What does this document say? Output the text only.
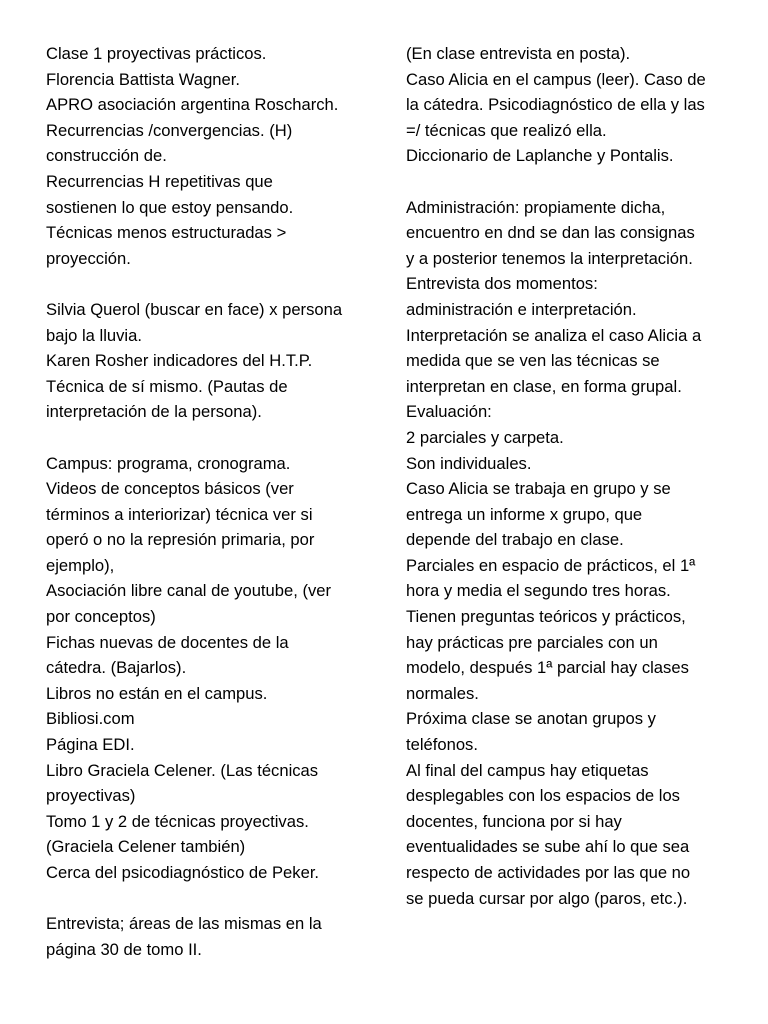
Clase 1 proyectivas prácticos.
Florencia Battista Wagner.
APRO asociación argentina Roscharch.
Recurrencias /convergencias. (H)
construcción de.
Recurrencias H repetitivas que
sostienen lo que estoy pensando.
Técnicas menos estructuradas >
proyección.
Silvia Querol (buscar en face) x persona
bajo la lluvia.
Karen Rosher indicadores del H.T.P.
Técnica de sí mismo. (Pautas de
interpretación de la persona).
Campus: programa, cronograma.
Videos de conceptos básicos (ver
términos a interiorizar) técnica ver si
operó o no la represión primaria, por
ejemplo),
Asociación libre canal de youtube, (ver
por conceptos)
Fichas nuevas de docentes de la
cátedra. (Bajarlos).
Libros no están en el campus.
Bibliosi.com
Página EDI.
Libro Graciela Celener. (Las técnicas
proyectivas)
Tomo 1 y 2 de técnicas proyectivas.
(Graciela Celener también)
Cerca del psicodiagnóstico de Peker.
Entrevista; áreas de las mismas en la
página 30 de tomo II.
(En clase entrevista en posta).
Caso Alicia en el campus (leer). Caso de
la cátedra. Psicodiagnóstico de ella y las
=/ técnicas que realizó ella.
Diccionario de Laplanche y Pontalis.
Administración: propiamente dicha,
encuentro en dnd se dan las consignas
y a posterior tenemos la interpretación.
Entrevista dos momentos:
administración e interpretación.
Interpretación se analiza el caso Alicia a
medida que se ven las técnicas se
interpretan en clase, en forma grupal.
Evaluación:
2 parciales y carpeta.
Son individuales.
Caso Alicia se trabaja en grupo y se
entrega un informe x grupo, que
depende del trabajo en clase.
Parciales en espacio de prácticos, el 1ª
hora y media el segundo tres horas.
Tienen preguntas teóricos y prácticos,
hay prácticas pre parciales con un
modelo, después 1ª parcial hay clases
normales.
Próxima clase se anotan grupos y
teléfonos.
Al final del campus hay etiquetas
desplegables con los espacios de los
docentes, funciona por si hay
eventualidades se sube ahí lo que sea
respecto de actividades por las que no
se pueda cursar por algo (paros, etc.).
